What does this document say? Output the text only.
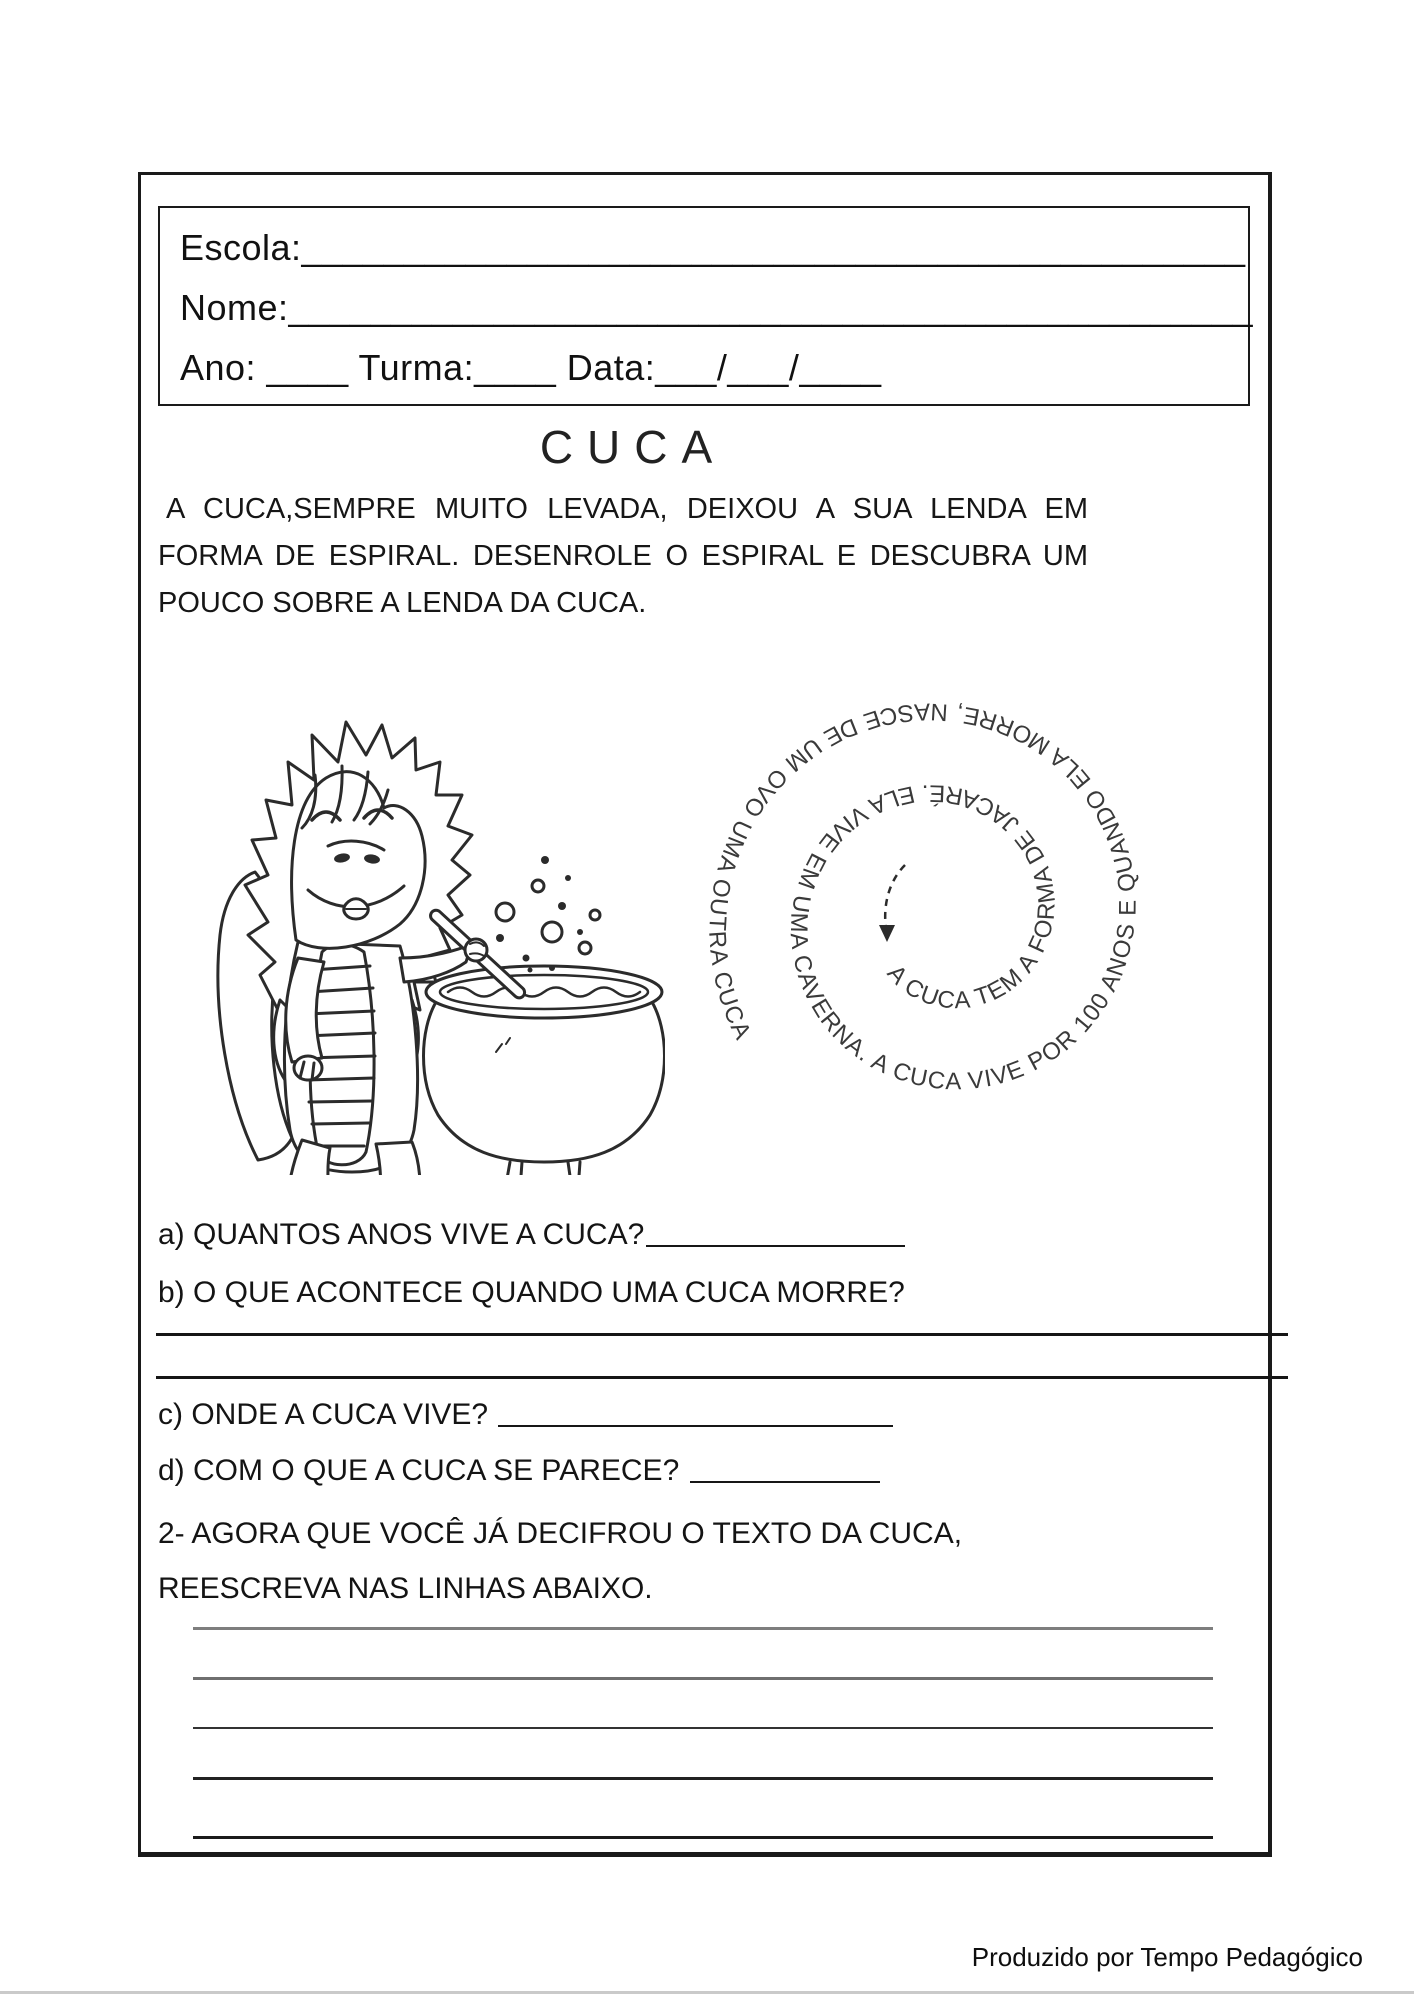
Escola:______________________________________________
Nome:_______________________________________________
Ano: ____ Turma:____ Data:___/___/____
CUCA
A CUCA,SEMPRE MUITO LEVADA, DEIXOU A SUA LENDA EM FORMA DE ESPIRAL. DESENROLE O ESPIRAL E DESCUBRA UM POUCO SOBRE A LENDA DA CUCA.
A CUCA TEM A FORMA DE JACARÉ. ELA VIVE EM UMA CAVERNA. A CUCA VIVE POR 100 ANOS E QUANDO ELA MORRE, NASCE DE UM OVO UMA OUTRA CUCA
a) QUANTOS ANOS VIVE A CUCA?
b) O QUE ACONTECE QUANDO UMA CUCA MORRE?
c) ONDE A CUCA VIVE?
d) COM O QUE A CUCA SE PARECE?
2- AGORA QUE VOCÊ JÁ DECIFROU O TEXTO DA CUCA, REESCREVA NAS LINHAS ABAIXO.
Produzido por Tempo Pedagógico
